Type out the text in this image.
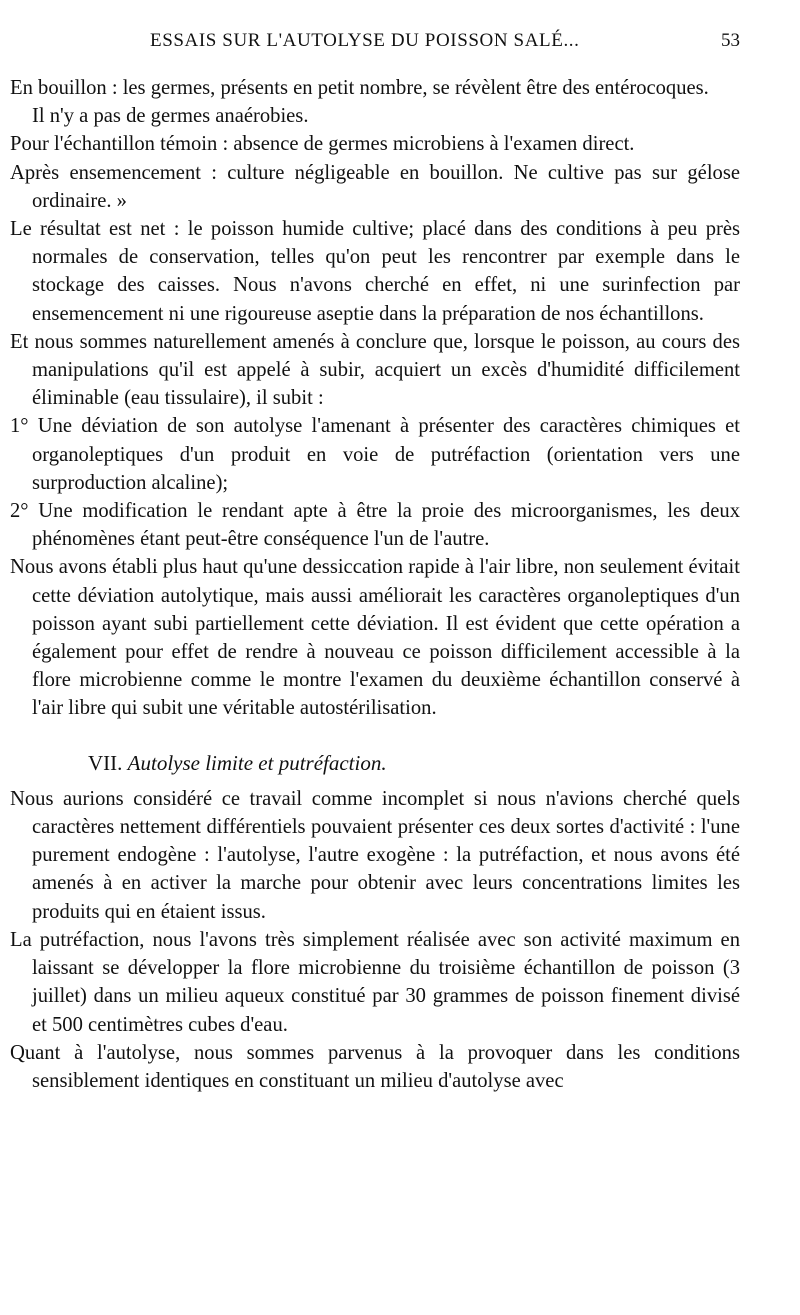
ESSAIS SUR L'AUTOLYSE DU POISSON SALÉ...	53

En bouillon : les germes, présents en petit nombre, se révèlent être des entérocoques.

Il n'y a pas de germes anaérobies.

Pour l'échantillon témoin : absence de germes microbiens à l'examen direct.

Après ensemencement : culture négligeable en bouillon. Ne cultive pas sur gélose ordinaire. »

Le résultat est net : le poisson humide cultive; placé dans des conditions à peu près normales de conservation, telles qu'on peut les rencontrer par exemple dans le stockage des caisses. Nous n'avons cherché en effet, ni une surinfection par ensemencement ni une rigoureuse aseptie dans la préparation de nos échantillons.

Et nous sommes naturellement amenés à conclure que, lorsque le poisson, au cours des manipulations qu'il est appelé à subir, acquiert un excès d'humidité difficilement éliminable (eau tissulaire), il subit :

1° Une déviation de son autolyse l'amenant à présenter des caractères chimiques et organoleptiques d'un produit en voie de putréfaction (orientation vers une surproduction alcaline);

2° Une modification le rendant apte à être la proie des microorganismes, les deux phénomènes étant peut-être conséquence l'un de l'autre.

Nous avons établi plus haut qu'une dessiccation rapide à l'air libre, non seulement évitait cette déviation autolytique, mais aussi améliorait les caractères organoleptiques d'un poisson ayant subi partiellement cette déviation. Il est évident que cette opération a également pour effet de rendre à nouveau ce poisson difficilement accessible à la flore microbienne comme le montre l'examen du deuxième échantillon conservé à l'air libre qui subit une véritable autostérilisation.

VII. Autolyse limite et putréfaction.

Nous aurions considéré ce travail comme incomplet si nous n'avions cherché quels caractères nettement différentiels pouvaient présenter ces deux sortes d'activité : l'une purement endogène : l'autolyse, l'autre exogène : la putréfaction, et nous avons été amenés à en activer la marche pour obtenir avec leurs concentrations limites les produits qui en étaient issus.

La putréfaction, nous l'avons très simplement réalisée avec son activité maximum en laissant se développer la flore microbienne du troisième échantillon de poisson (3 juillet) dans un milieu aqueux constitué par 30 grammes de poisson finement divisé et 500 centimètres cubes d'eau.

Quant à l'autolyse, nous sommes parvenus à la provoquer dans les conditions sensiblement identiques en constituant un milieu d'autolyse avec
